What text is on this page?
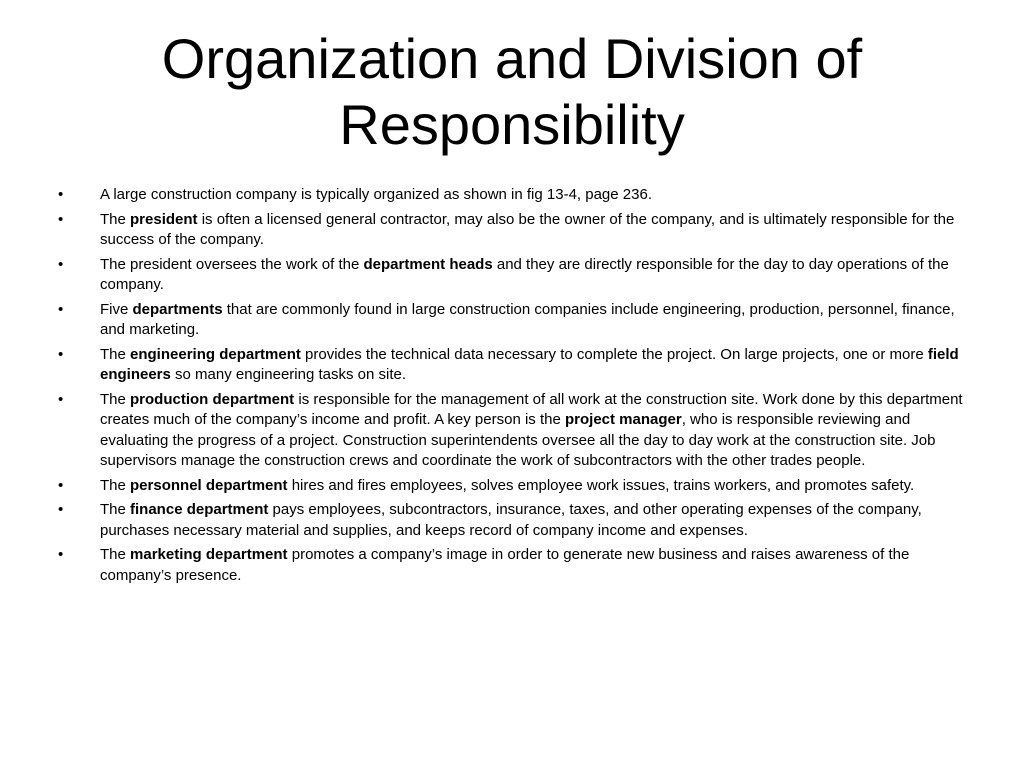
Organization and Division of Responsibility
• A large construction company is typically organized as shown in fig 13-4, page 236.
• The president is often a licensed general contractor, may also be the owner of the company, and is ultimately responsible for the success of the company.
• The president oversees the work of the department heads and they are directly responsible for the day to day operations of the company.
• Five departments that are commonly found in large construction companies include engineering, production, personnel, finance, and marketing.
• The engineering department provides the technical data necessary to complete the project. On large projects, one or more field engineers so many engineering tasks on site.
• The production department is responsible for the management of all work at the construction site. Work done by this department creates much of the company’s income and profit. A key person is the project manager, who is responsible reviewing and evaluating the progress of a project. Construction superintendents oversee all the day to day work at the construction site. Job supervisors manage the construction crews and coordinate the work of subcontractors with the other trades people.
• The personnel department hires and fires employees, solves employee work issues, trains workers, and promotes safety.
• The finance department pays employees, subcontractors, insurance, taxes, and other operating expenses of the company, purchases necessary material and supplies, and keeps record of company income and expenses.
• The marketing department promotes a company’s image in order to generate new business and raises awareness of the company’s presence.
